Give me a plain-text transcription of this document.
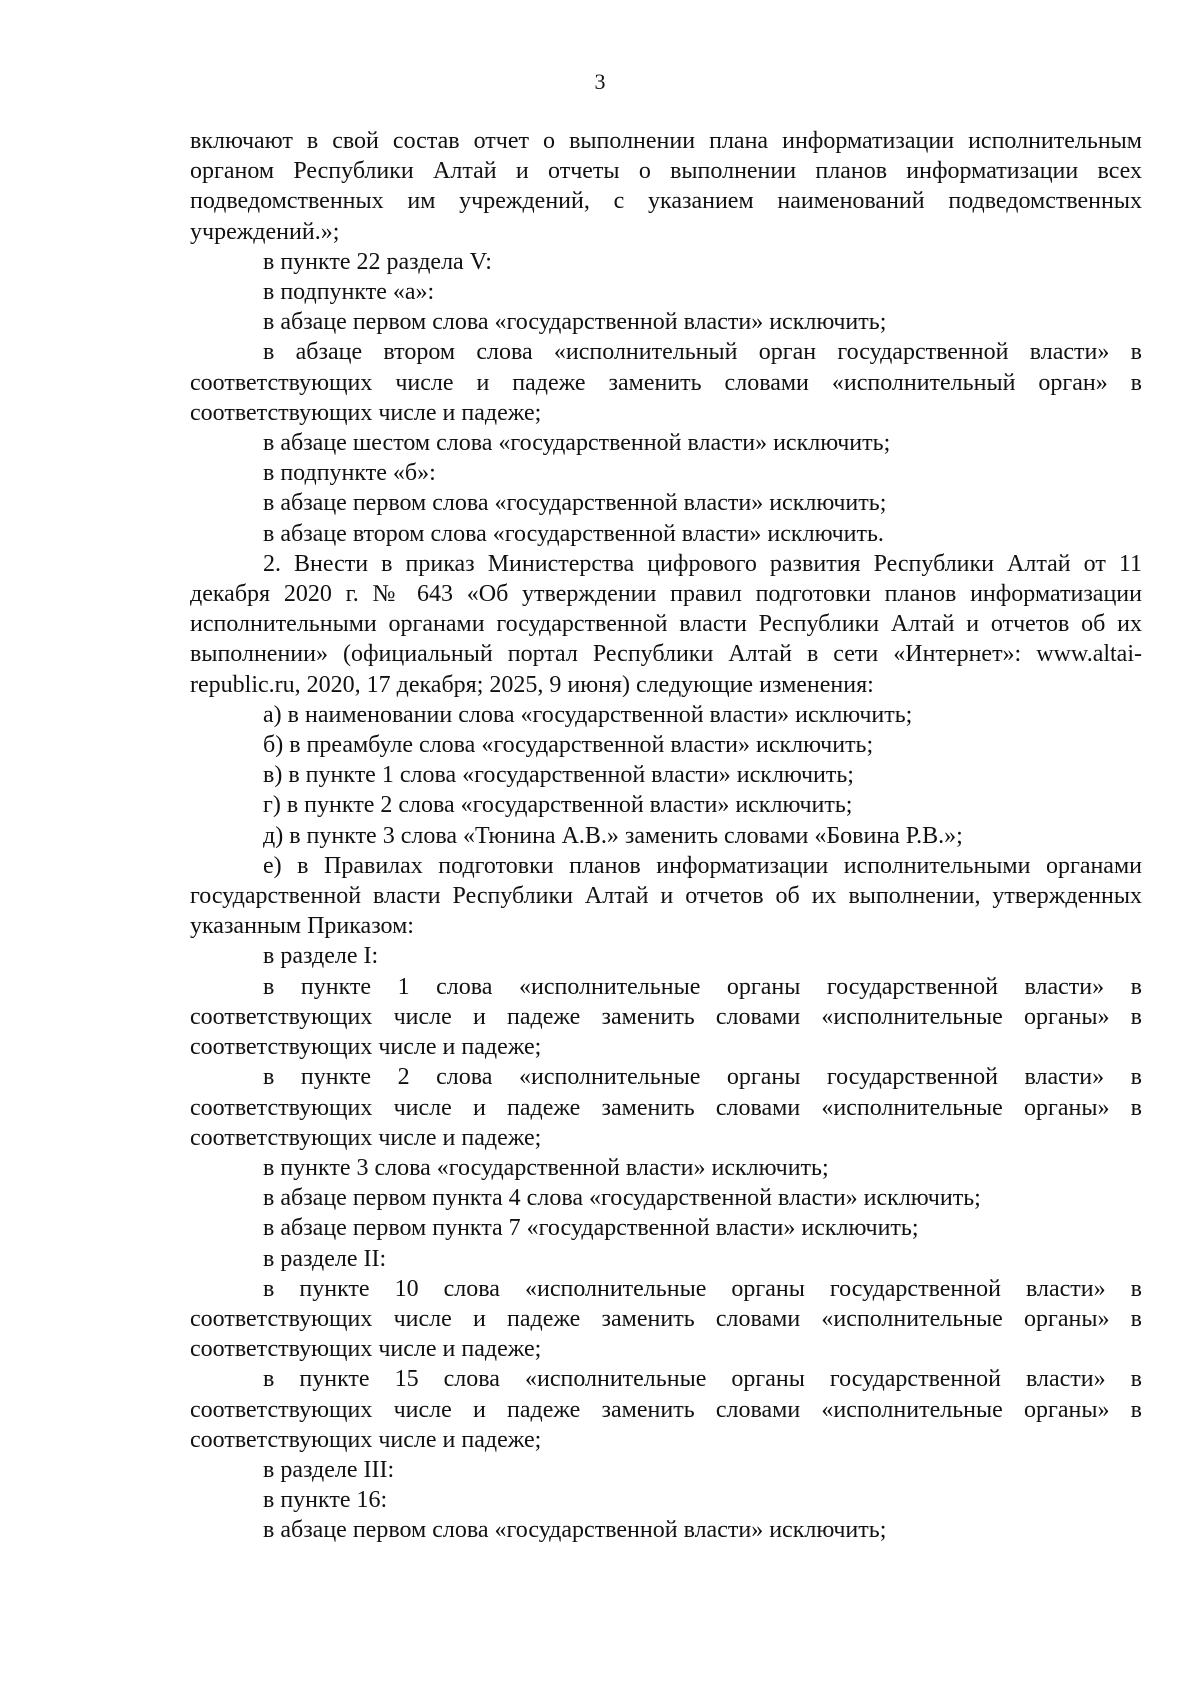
3

включают в свой состав отчет о выполнении плана информатизации исполнительным органом Республики Алтай и отчеты о выполнении планов информатизации всех подведомственных им учреждений, с указанием наименований подведомственных учреждений.»;

в пункте 22 раздела V:

в подпункте «а»:

в абзаце первом слова «государственной власти» исключить;

в абзаце втором слова «исполнительный орган государственной власти» в соответствующих числе и падеже заменить словами «исполнительный орган» в соответствующих числе и падеже;

в абзаце шестом слова «государственной власти» исключить;

в подпункте «б»:

в абзаце первом слова «государственной власти» исключить;

в абзаце втором слова «государственной власти» исключить.

2. Внести в приказ Министерства цифрового развития Республики Алтай от 11 декабря 2020 г. № 643 «Об утверждении правил подготовки планов информатизации исполнительными органами государственной власти Республики Алтай и отчетов об их выполнении» (официальный портал Республики Алтай в сети «Интернет»: www.altai-republic.ru, 2020, 17 декабря; 2025, 9 июня) следующие изменения:

а) в наименовании слова «государственной власти» исключить;

б) в преамбуле слова «государственной власти» исключить;

в) в пункте 1 слова «государственной власти» исключить;

г) в пункте 2 слова «государственной власти» исключить;

д) в пункте 3 слова «Тюнина А.В.» заменить словами «Бовина Р.В.»;

е) в Правилах подготовки планов информатизации исполнительными органами государственной власти Республики Алтай и отчетов об их выполнении, утвержденных указанным Приказом:

в разделе I:

в пункте 1 слова «исполнительные органы государственной власти» в соответствующих числе и падеже заменить словами «исполнительные органы» в соответствующих числе и падеже;

в пункте 2 слова «исполнительные органы государственной власти» в соответствующих числе и падеже заменить словами «исполнительные органы» в соответствующих числе и падеже;

в пункте 3 слова «государственной власти» исключить;

в абзаце первом пункта 4 слова «государственной власти» исключить;

в абзаце первом пункта 7 «государственной власти» исключить;

в разделе II:

в пункте 10 слова «исполнительные органы государственной власти» в соответствующих числе и падеже заменить словами «исполнительные органы» в соответствующих числе и падеже;

в пункте 15 слова «исполнительные органы государственной власти» в соответствующих числе и падеже заменить словами «исполнительные органы» в соответствующих числе и падеже;

в разделе III:

в пункте 16:

в абзаце первом слова «государственной власти» исключить;
